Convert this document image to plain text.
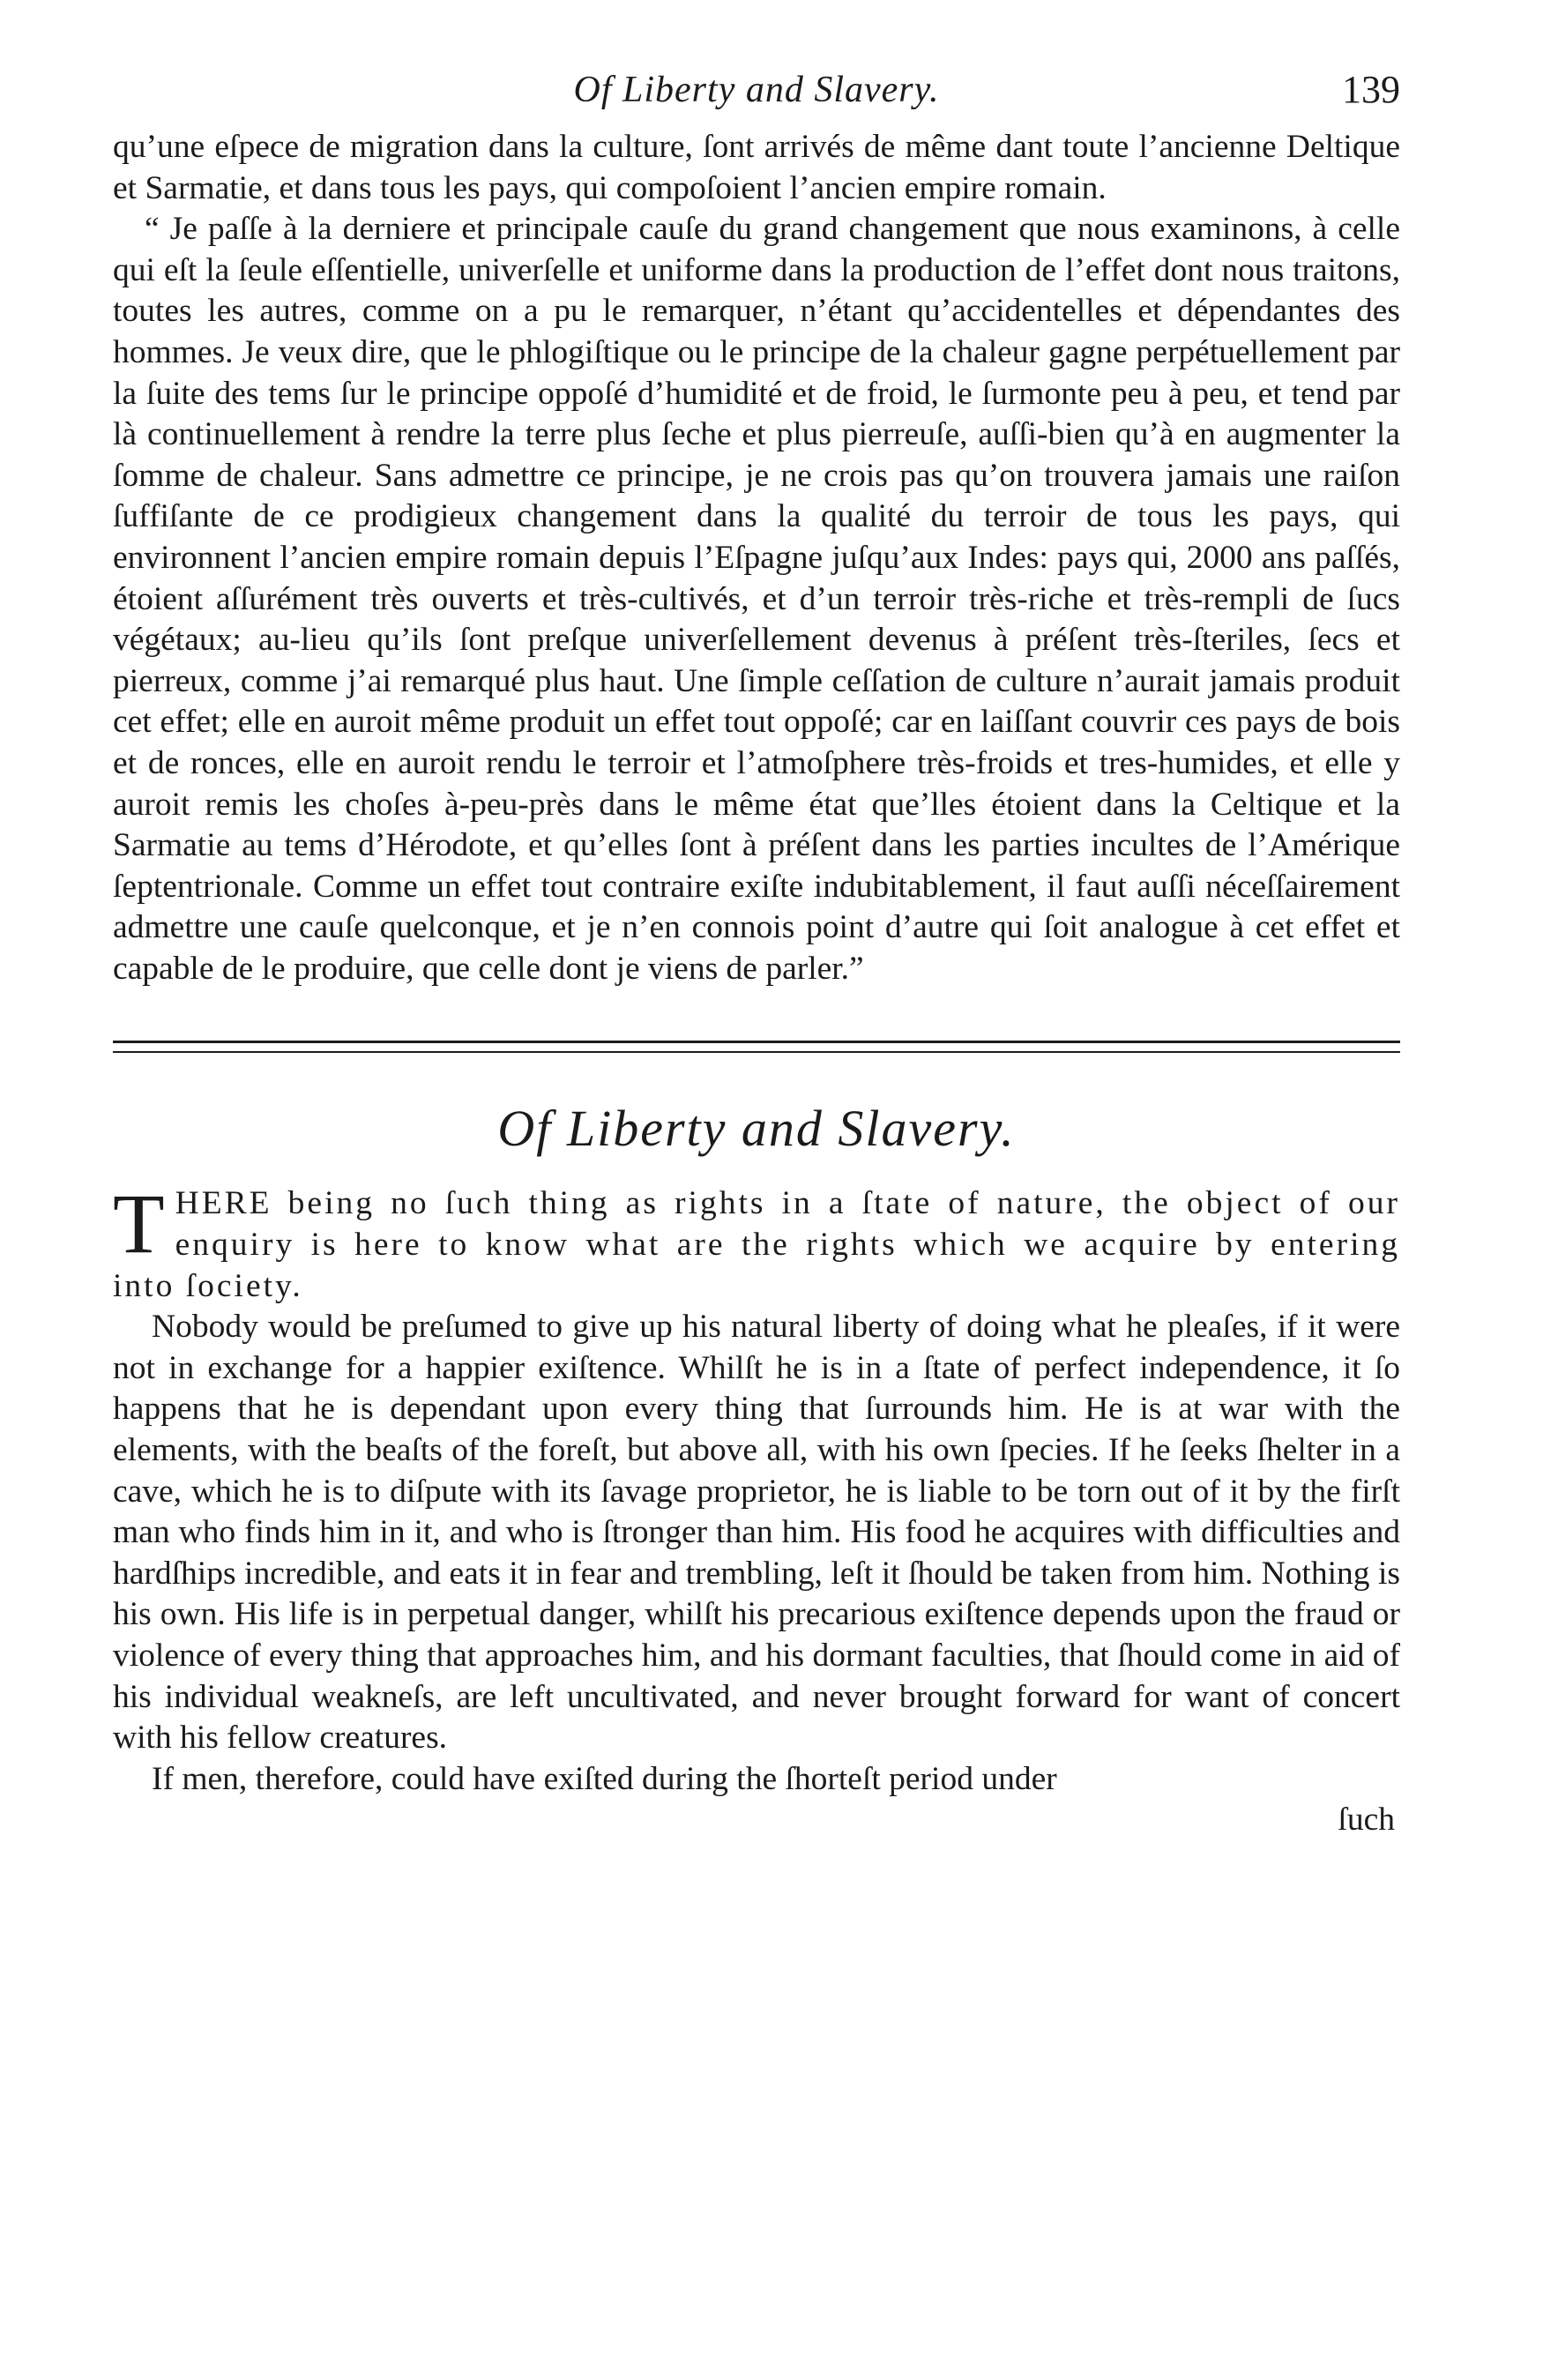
Of Liberty and Slavery.	139

qu’une eſpece de migration dans la culture, ſont arrivés de même dant toute l’ancienne Deltique et Sarmatie, et dans tous les pays, qui compoſoient l’ancien empire romain.

“ Je paſſe à la derniere et principale cauſe du grand changement que nous examinons, à celle qui eſt la ſeule eſſentielle, univerſelle et uniforme dans la production de l’effet dont nous traitons, toutes les autres, comme on a pu le remarquer, n’étant qu’accidentelles et dépendantes des hommes. Je veux dire, que le phlogiſtique ou le principe de la chaleur gagne perpétuellement par la ſuite des tems ſur le principe oppoſé d’humidité et de froid, le ſurmonte peu à peu, et tend par là continuellement à rendre la terre plus ſeche et plus pierreuſe, auſſi-bien qu’à en augmenter la ſomme de chaleur. Sans admettre ce principe, je ne crois pas qu’on trouvera jamais une raiſon ſuffiſante de ce prodigieux changement dans la qualité du terroir de tous les pays, qui environnent l’ancien empire romain depuis l’Eſpagne juſqu’aux Indes: pays qui, 2000 ans paſſés, étoient aſſurément très ouverts et très-cultivés, et d’un terroir très-riche et très-rempli de ſucs végétaux; au-lieu qu’ils ſont preſque univerſellement devenus à préſent très-ſteriles, ſecs et pierreux, comme j’ai remarqué plus haut. Une ſimple ceſſation de culture n’aurait jamais produit cet effet; elle en auroit même produit un effet tout oppoſé; car en laiſſant couvrir ces pays de bois et de ronces, elle en auroit rendu le terroir et l’atmoſphere très-froids et tres-humides, et elle y auroit remis les choſes à-peu-près dans le même état que’lles étoient dans la Celtique et la Sarmatie au tems d’Hérodote, et qu’elles ſont à préſent dans les parties incultes de l’Amérique ſeptentrionale. Comme un effet tout contraire exiſte indubitablement, il faut auſſi néceſſairement admettre une cauſe quelconque, et je n’en connois point d’autre qui ſoit analogue à cet effet et capable de le produire, que celle dont je viens de parler.”

Of Liberty and Slavery.

THERE being no ſuch thing as rights in a ſtate of nature, the object of our enquiry is here to know what are the rights which we acquire by entering into ſociety.

Nobody would be preſumed to give up his natural liberty of doing what he pleaſes, if it were not in exchange for a happier exiſtence. Whilſt he is in a ſtate of perfect independence, it ſo happens that he is dependant upon every thing that ſurrounds him. He is at war with the elements, with the beaſts of the foreſt, but above all, with his own ſpecies. If he ſeeks ſhelter in a cave, which he is to diſpute with its ſavage proprietor, he is liable to be torn out of it by the firſt man who finds him in it, and who is ſtronger than him. His food he acquires with difficulties and hardſhips incredible, and eats it in fear and trembling, leſt it ſhould be taken from him. Nothing is his own. His life is in perpetual danger, whilſt his precarious exiſtence depends upon the fraud or violence of every thing that approaches him, and his dormant faculties, that ſhould come in aid of his individual weakneſs, are left uncultivated, and never brought forward for want of concert with his fellow creatures.

If men, therefore, could have exiſted during the ſhorteſt period under

ſuch
